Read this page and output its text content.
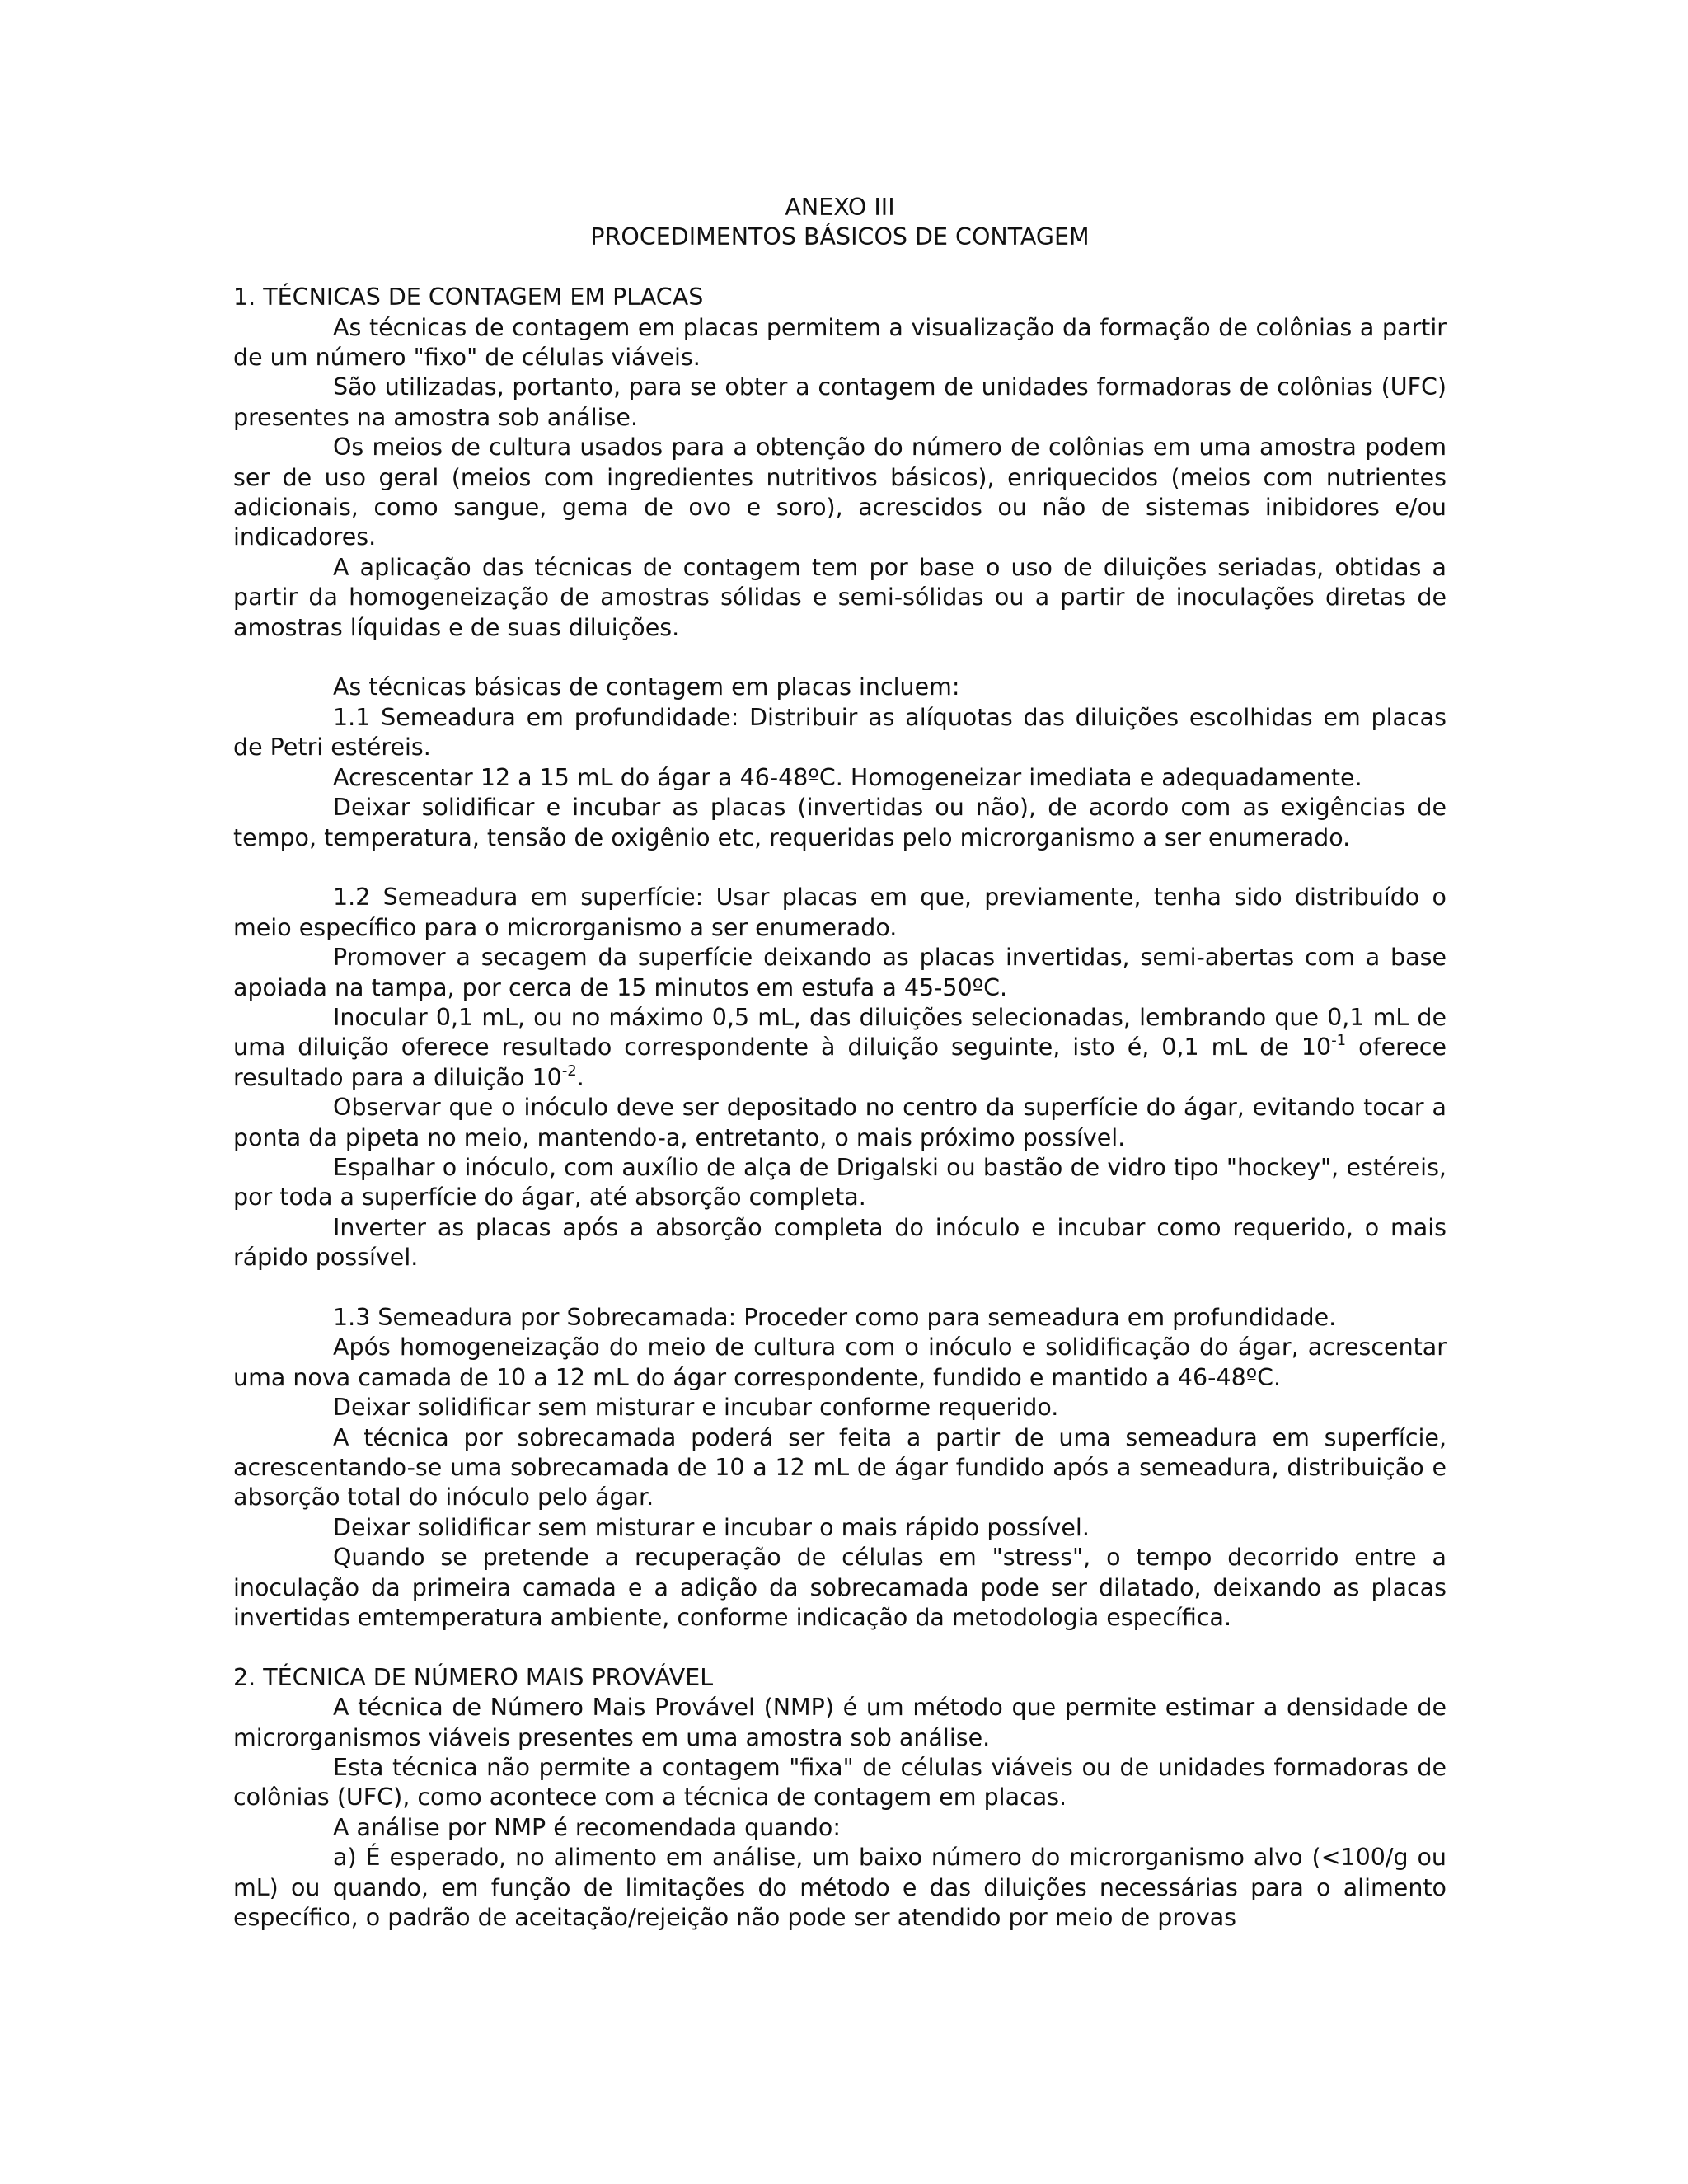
ANEXO III

PROCEDIMENTOS BÁSICOS DE CONTAGEM

1. TÉCNICAS DE CONTAGEM EM PLACAS

As técnicas de contagem em placas permitem a visualização da formação de colônias a partir de um número "fixo" de células viáveis.

São utilizadas, portanto, para se obter a contagem de unidades formadoras de colônias (UFC) presentes na amostra sob análise.

Os meios de cultura usados para a obtenção do número de colônias em uma amostra podem ser de uso geral (meios com ingredientes nutritivos básicos), enriquecidos (meios com nutrientes adicionais, como sangue, gema de ovo e soro), acrescidos ou não de sistemas inibidores e/ou indicadores.

A aplicação das técnicas de contagem tem por base o uso de diluições seriadas, obtidas a partir da homogeneização de amostras sólidas e semi-sólidas ou a partir de inoculações diretas de amostras líquidas e de suas diluições.

As técnicas básicas de contagem em placas incluem:

1.1 Semeadura em profundidade: Distribuir as alíquotas das diluições escolhidas em placas de Petri estéreis.

Acrescentar 12 a 15 mL do ágar a 46-48ºC. Homogeneizar imediata e adequadamente.

Deixar solidificar e incubar as placas (invertidas ou não), de acordo com as exigências de tempo, temperatura, tensão de oxigênio etc, requeridas pelo microrganismo a ser enumerado.

1.2 Semeadura em superfície: Usar placas em que, previamente, tenha sido distribuído o meio específico para o microrganismo a ser enumerado.

Promover a secagem da superfície deixando as placas invertidas, semi-abertas com a base apoiada na tampa, por cerca de 15 minutos em estufa a 45-50ºC.

Inocular 0,1 mL, ou no máximo 0,5 mL, das diluições selecionadas, lembrando que 0,1 mL de uma diluição oferece resultado correspondente à diluição seguinte, isto é, 0,1 mL de $10^{-1}$ oferece resultado para a diluição $10^{-2}$.

Observar que o inóculo deve ser depositado no centro da superfície do ágar, evitando tocar a ponta da pipeta no meio, mantendo-a, entretanto, o mais próximo possível.

Espalhar o inóculo, com auxílio de alça de Drigalski ou bastão de vidro tipo "hockey", estéreis, por toda a superfície do ágar, até absorção completa.

Inverter as placas após a absorção completa do inóculo e incubar como requerido, o mais rápido possível.

1.3 Semeadura por Sobrecamada: Proceder como para semeadura em profundidade.

Após homogeneização do meio de cultura com o inóculo e solidificação do ágar, acrescentar uma nova camada de 10 a 12 mL do ágar correspondente, fundido e mantido a 46-48ºC.

Deixar solidificar sem misturar e incubar conforme requerido.

A técnica por sobrecamada poderá ser feita a partir de uma semeadura em superfície, acrescentando-se uma sobrecamada de 10 a 12 mL de ágar fundido após a semeadura, distribuição e absorção total do inóculo pelo ágar.

Deixar solidificar sem misturar e incubar o mais rápido possível.

Quando se pretende a recuperação de células em "stress", o tempo decorrido entre a inoculação da primeira camada e a adição da sobrecamada pode ser dilatado, deixando as placas invertidas emtemperatura ambiente, conforme indicação da metodologia específica.

2. TÉCNICA DE NÚMERO MAIS PROVÁVEL

A técnica de Número Mais Provável (NMP) é um método que permite estimar a densidade de microrganismos viáveis presentes em uma amostra sob análise.

Esta técnica não permite a contagem "fixa" de células viáveis ou de unidades formadoras de colônias (UFC), como acontece com a técnica de contagem em placas.

A análise por NMP é recomendada quando:

a) É esperado, no alimento em análise, um baixo número do microrganismo alvo (<100/g ou mL) ou quando, em função de limitações do método e das diluições necessárias para o alimento específico, o padrão de aceitação/rejeição não pode ser atendido por meio de provas
